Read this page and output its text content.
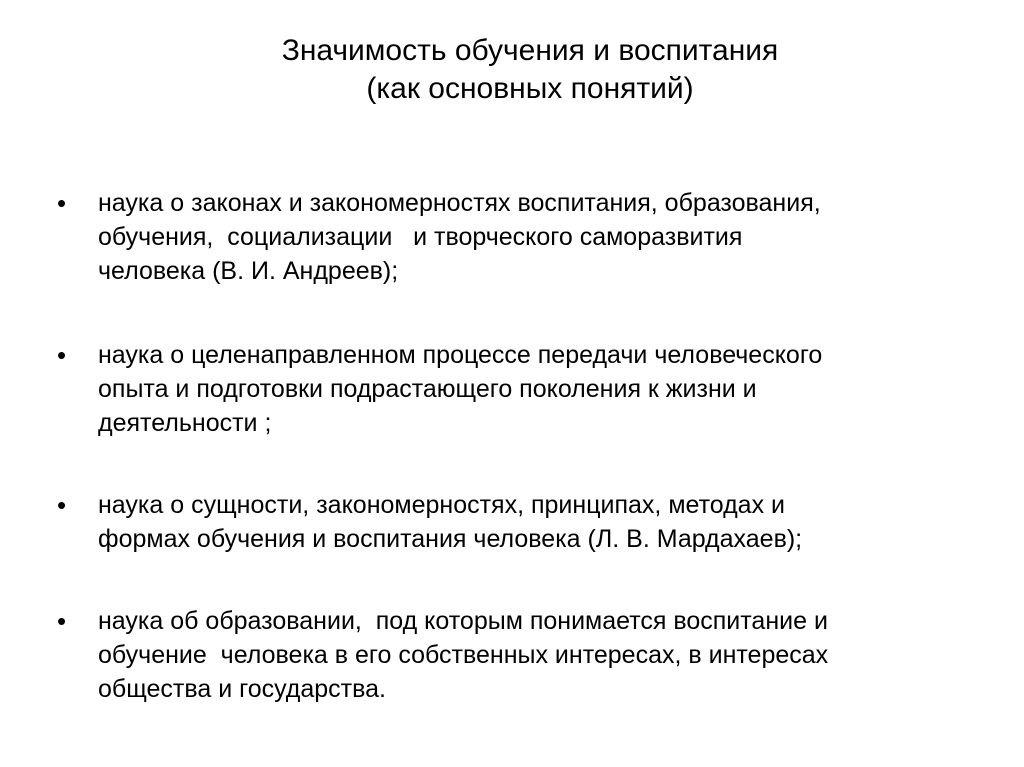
Значимость обучения и воспитания
(как основных понятий)
• наука о законах и закономерностях воспитания, образования,
обучения,  социализации   и творческого саморазвития
человека (В. И. Андреев);
• наука о целенаправленном процессе передачи человеческого
опыта и подготовки подрастающего поколения к жизни и
деятельности ;
• наука о сущности, закономерностях, принципах, методах и
формах обучения и воспитания человека (Л. В. Мардахаев);
• наука об образовании,  под которым понимается воспитание и
обучение  человека в его собственных интересах, в интересах
общества и государства.
